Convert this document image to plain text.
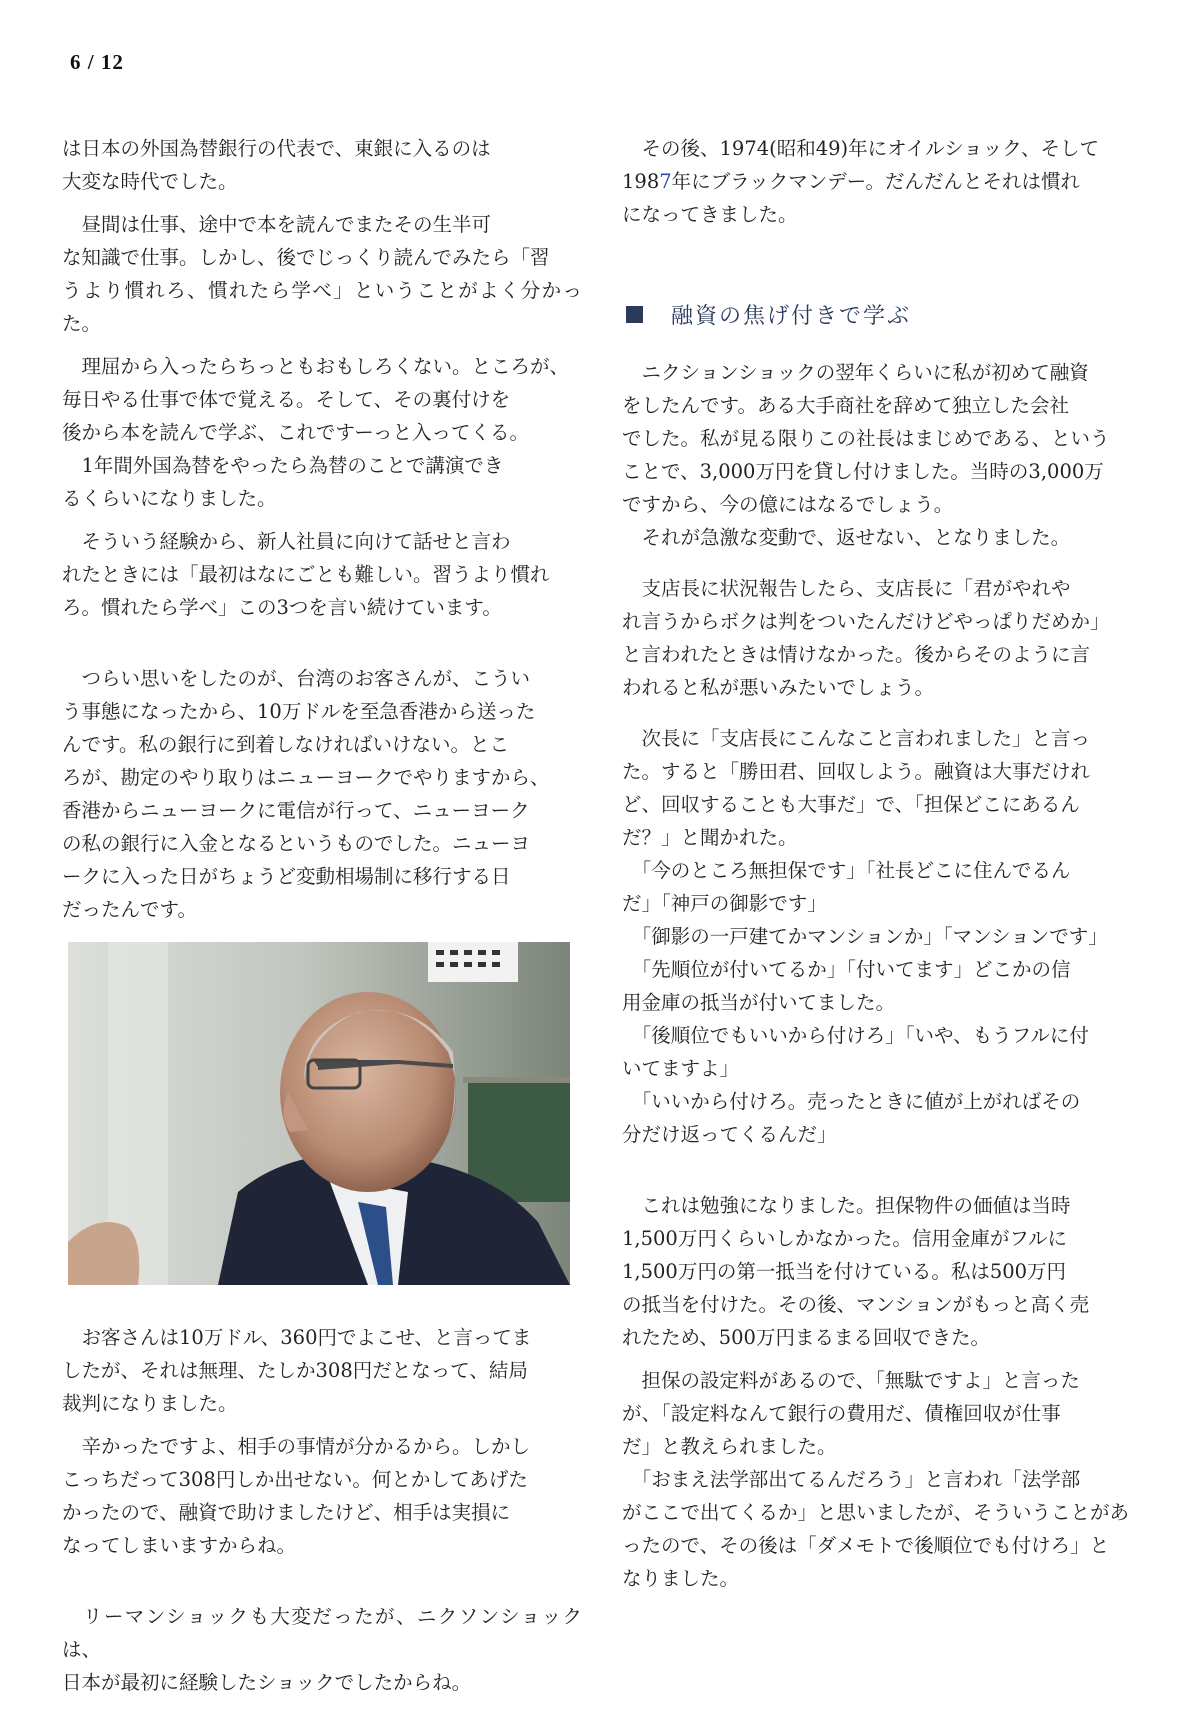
6 / 12

は日本の外国為替銀行の代表で、東銀に入るのは
大変な時代でした。

　昼間は仕事、途中で本を読んでまたその生半可
な知識で仕事。しかし、後でじっくり読んでみたら「習
うより慣れろ、慣れたら学べ」ということがよく分かった。

　理屈から入ったらちっともおもしろくない。ところが、
毎日やる仕事で体で覚える。そして、その裏付けを
後から本を読んで学ぶ、これですーっと入ってくる。

　1年間外国為替をやったら為替のことで講演でき
るくらいになりました。

　そういう経験から、新人社員に向けて話せと言わ
れたときには「最初はなにごとも難しい。習うより慣れ
ろ。慣れたら学べ」この3つを言い続けています。

　つらい思いをしたのが、台湾のお客さんが、こうい
う事態になったから、10万ドルを至急香港から送った
んです。私の銀行に到着しなければいけない。とこ
ろが、勘定のやり取りはニューヨークでやりますから、
香港からニューヨークに電信が行って、ニューヨーク
の私の銀行に入金となるというものでした。ニューヨ
ークに入った日がちょうど変動相場制に移行する日
だったんです。

　お客さんは10万ドル、360円でよこせ、と言ってま
したが、それは無理、たしか308円だとなって、結局
裁判になりました。

　辛かったですよ、相手の事情が分かるから。しかし
こっちだって308円しか出せない。何とかしてあげた
かったので、融資で助けましたけど、相手は実損に
なってしまいますからね。

　リーマンショックも大変だったが、ニクソンショックは、
日本が最初に経験したショックでしたからね。

　その後、1974(昭和49)年にオイルショック、そして
1987年にブラックマンデー。だんだんとそれは慣れ
になってきました。

融資の焦げ付きで学ぶ

　ニクションショックの翌年くらいに私が初めて融資
をしたんです。ある大手商社を辞めて独立した会社
でした。私が見る限りこの社長はまじめである、という
ことで、3,000万円を貸し付けました。当時の3,000万
ですから、今の億にはなるでしょう。

　それが急激な変動で、返せない、となりました。

　支店長に状況報告したら、支店長に「君がやれや
れ言うからボクは判をついたんだけどやっぱりだめか」
と言われたときは情けなかった。後からそのように言
われると私が悪いみたいでしょう。

　次長に「支店長にこんなこと言われました」と言っ
た。すると「勝田君、回収しよう。融資は大事だけれ
ど、回収することも大事だ」で、「担保どこにあるん
だ？」と聞かれた。

　「今のところ無担保です」「社長どこに住んでるん
だ」「神戸の御影です」

　「御影の一戸建てかマンションか」「マンションです」

　「先順位が付いてるか」「付いてます」どこかの信
用金庫の抵当が付いてました。

　「後順位でもいいから付けろ」「いや、もうフルに付
いてますよ」

　「いいから付けろ。売ったときに値が上がればその
分だけ返ってくるんだ」

　これは勉強になりました。担保物件の価値は当時
1,500万円くらいしかなかった。信用金庫がフルに
1,500万円の第一抵当を付けている。私は500万円
の抵当を付けた。その後、マンションがもっと高く売
れたため、500万円まるまる回収できた。

　担保の設定料があるので、「無駄ですよ」と言った
が、「設定料なんて銀行の費用だ、債権回収が仕事
だ」と教えられました。

　「おまえ法学部出てるんだろう」と言われ「法学部
がここで出てくるか」と思いましたが、そういうことがあ
ったので、その後は「ダメモトで後順位でも付けろ」と
なりました。
